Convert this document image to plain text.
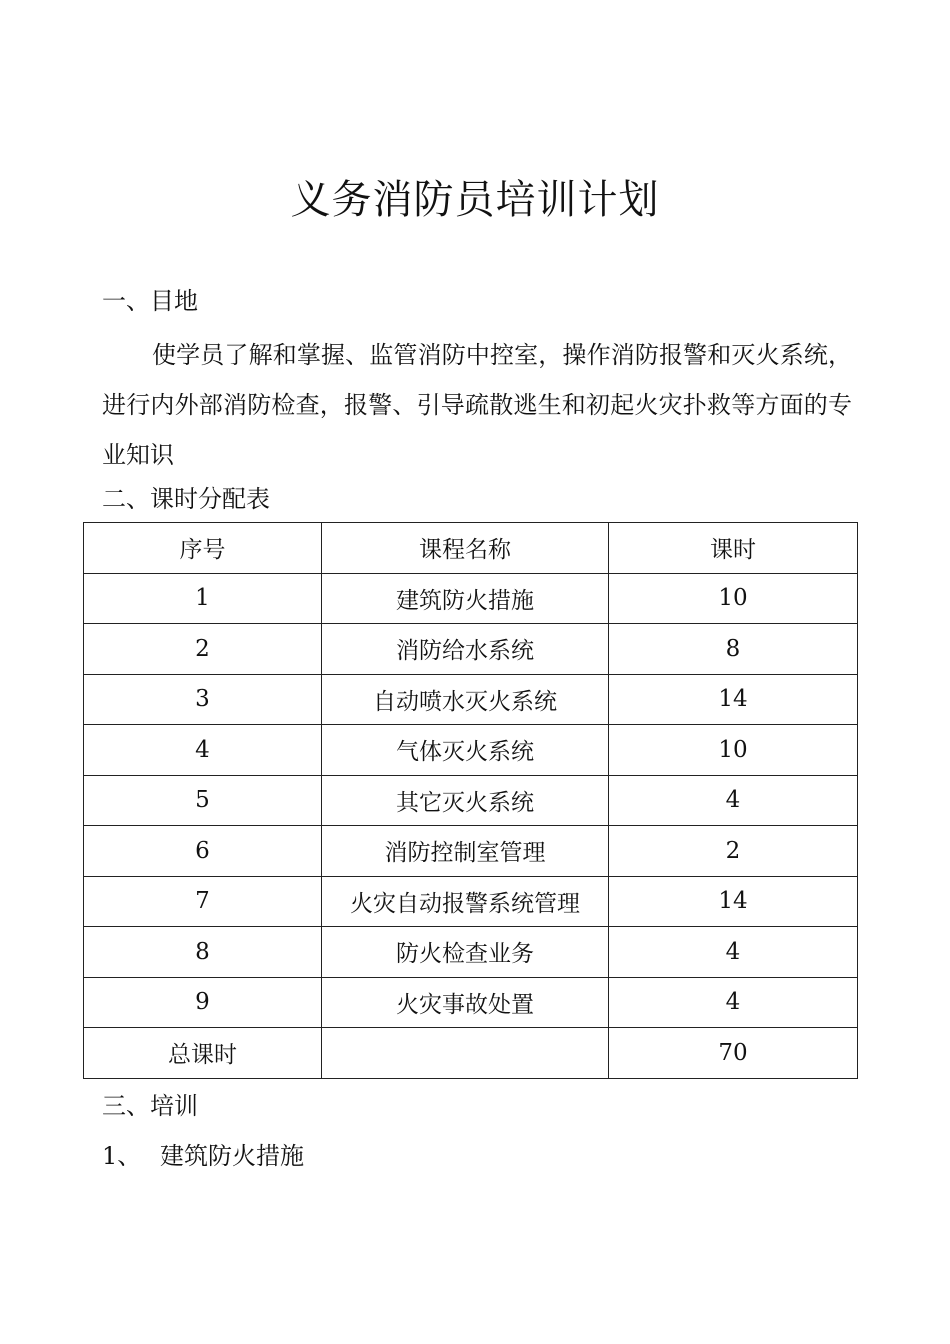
义务消防员培训计划
一、目地
使学员了解和掌握、监管消防中控室，操作消防报警和灭火系统，进行内外部消防检查，报警、引导疏散逃生和初起火灾扑救等方面的专业知识
二、课时分配表
序号	课程名称	课时
1	建筑防火措施	10
2	消防给水系统	8
3	自动喷水灭火系统	14
4	气体灭火系统	10
5	其它灭火系统	4
6	消防控制室管理	2
7	火灾自动报警系统管理	14
8	防火检查业务	4
9	火灾事故处置	4
总课时		70
三、培训
1、 建筑防火措施
